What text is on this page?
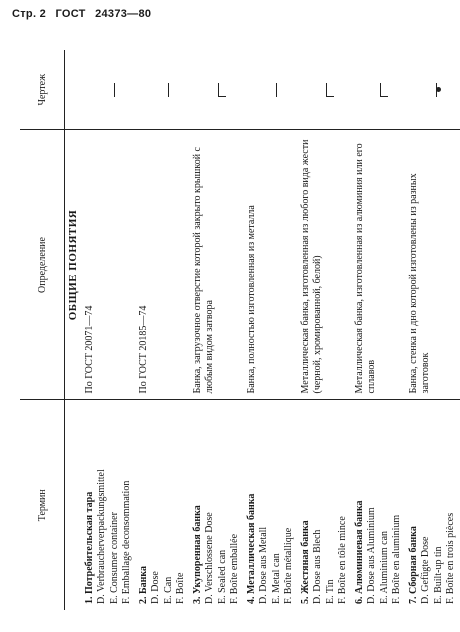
Стр. 2 ГОСТ 24373—80
Термин	Определение	Чертеж
	ОБЩИЕ ПОНЯТИЯ	

1. Потребительская тара D. Verbraucherverpackungsmittel E. Consumer container F. Emballage deconsommation	По ГОСТ 20071—74	

2. Банка D. Dose E. Can F. Boîte	По ГОСТ 20185—74	

3. Укупоренная банка D. Verschlossene Dose E. Sealed can F. Boîte emballée	Банка, загрузочное отверстие которой закрыто крышкой с любым видом затвора	

4. Металлическая банка D. Dose aus Metall E. Metal can F. Boîte métallique	Банка, полностью изготовленная из металла	

5. Жестяная банка D. Dose aus Blech E. Tin F. Boîte en tôle mince	Металлическая банка, изготовленная из любого вида жести (черной, хромированной, белой)	

6. Алюминиевая банка D. Dose aus Aluminium E. Aluminium can F. Boîte en aluminium	Металлическая банка, изготовленная из алюминия или его сплавов	

7. Сборная банка D. Gefügte Dose E. Built-up tin F. Boîte en trois pièces	Банка, стенка и дно которой изготовлены из разных заготовок	
